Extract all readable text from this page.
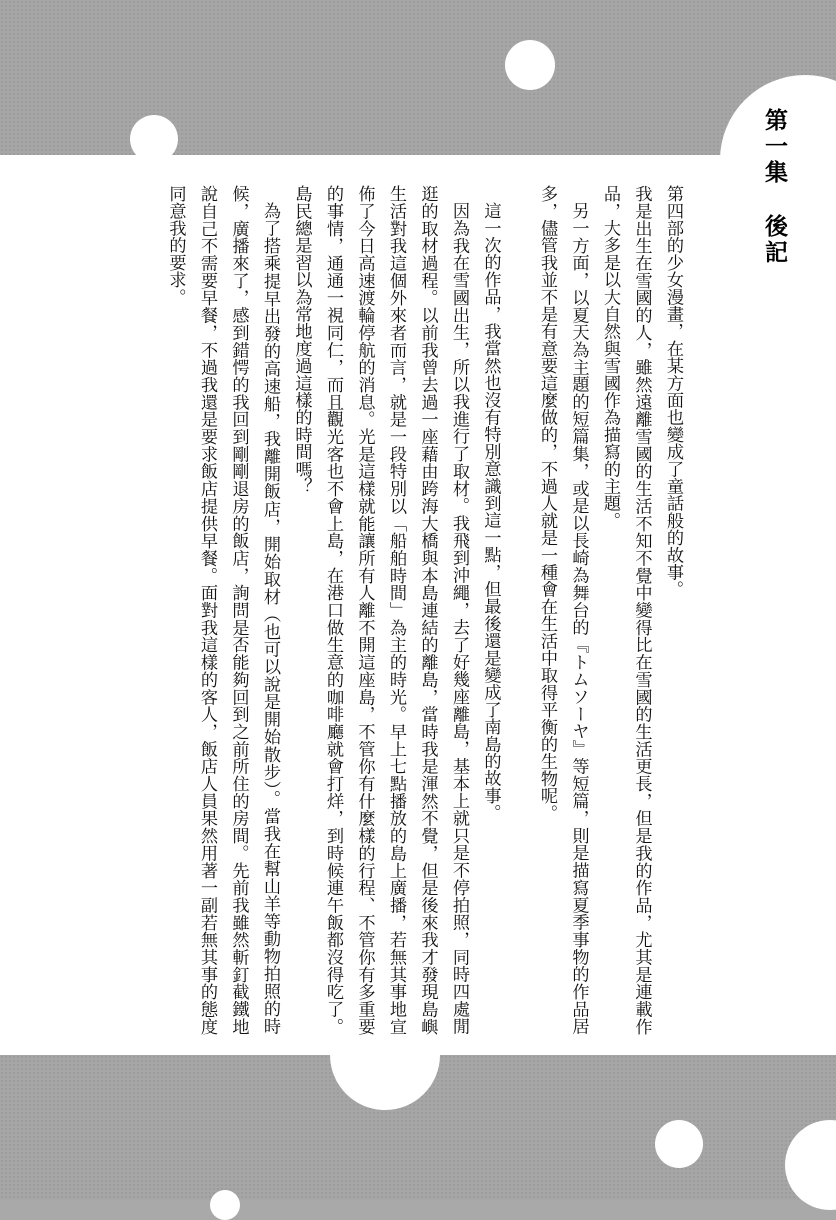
第一集
後記

第四部的少女漫畫，在某方面也變成了童話般的故事。

我是出生在雪國的人，雖然遠離雪國的生活不知不覺中變得比在雪國的生活更長，但是我的作品，尤其是連載作品，大多是以大自然與雪國作為描寫的主題。

另一方面，以夏天為主題的短篇集，或是以長崎為舞台的『トムソーヤ』等短篇，則是描寫夏季事物的作品居多，儘管我並不是有意要這麼做的，不過人就是一種會在生活中取得平衡的生物呢。

這一次的作品，我當然也沒有特別意識到這一點，但最後還是變成了南島的故事。

因為我在雪國出生，所以我進行了取材。我飛到沖繩，去了好幾座離島，基本上就只是不停拍照，同時四處閒逛的取材過程。以前我曾去過一座藉由跨海大橋與本島連結的離島，當時我是渾然不覺，但是後來我才發現島嶼生活對我這個外來者而言，就是一段特別以「船舶時間」為主的時光。早上七點播放的島上廣播，若無其事地宣佈了今日高速渡輪停航的消息。光是這樣就能讓所有人離不開這座島，不管你有什麼樣的行程、不管你有多重要的事情，通通一視同仁，而且觀光客也不會上島，在港口做生意的咖啡廳就會打烊，到時候連午飯都沒得吃了。島民總是習以為常地度過這樣的時間嗎？

為了搭乘提早出發的高速船，我離開飯店，開始取材（也可以說是開始散步）。當我在幫山羊等動物拍照的時候，廣播來了，感到錯愕的我回到剛剛退房的飯店，詢問是否能夠回到之前所住的房間。先前我雖然斬釘截鐵地說自己不需要早餐，不過我還是要求飯店提供早餐。面對我這樣的客人，飯店人員果然用著一副若無其事的態度同意我的要求。
